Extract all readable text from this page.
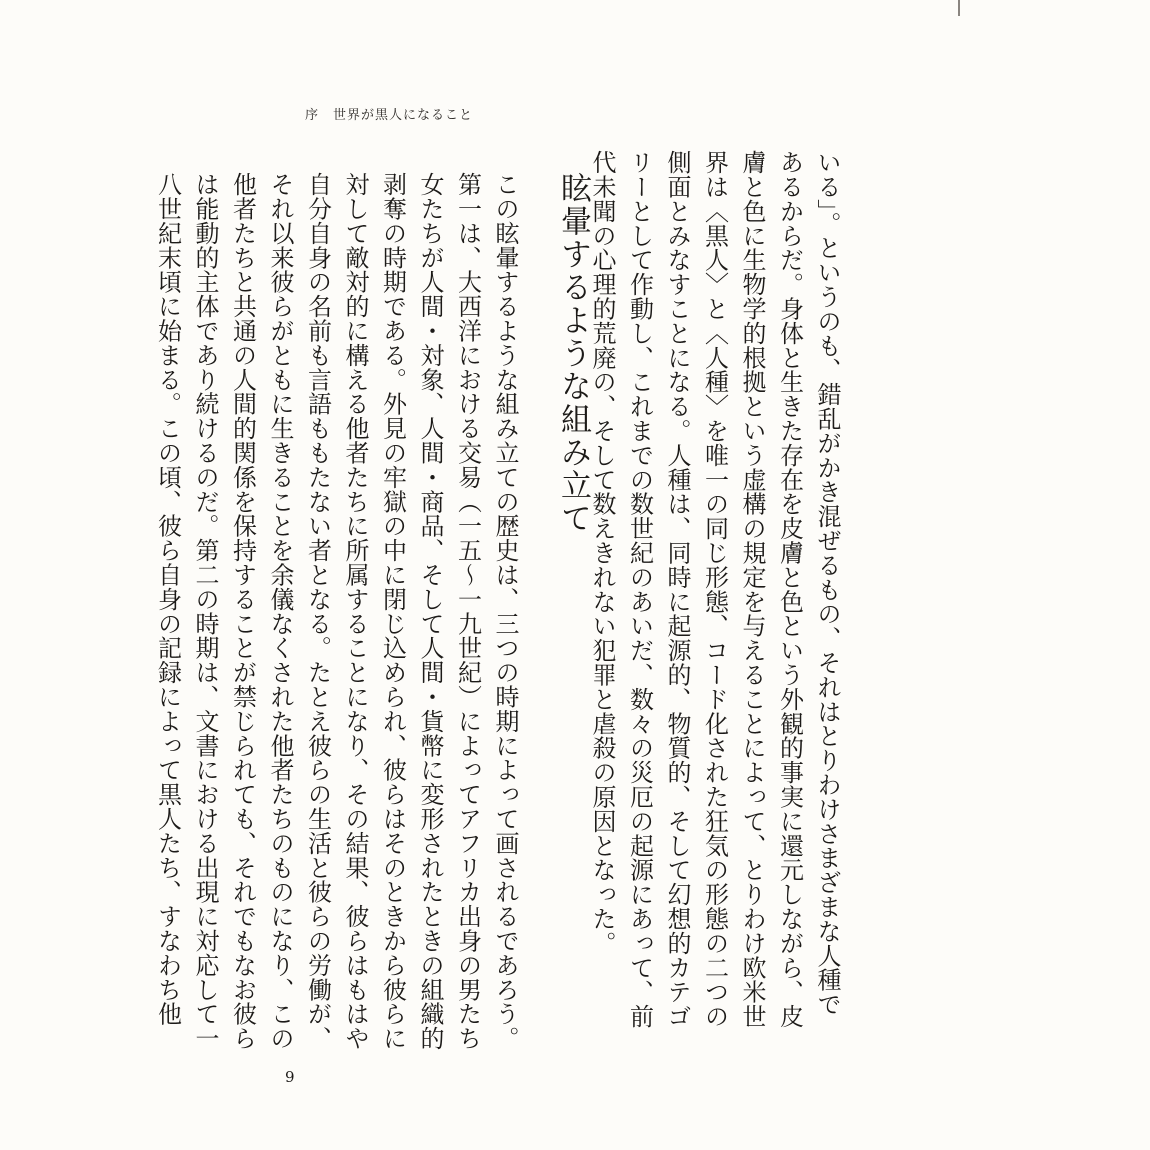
序 世界が黒人になること
いる」。というのも、錯乱がかき混ぜるもの、それはとりわけさまざまな人種であるからだ。身体と生きた存在を皮膚と色という外観的事実に還元しながら、皮膚と色に生物学的根拠という虚構の規定を与えることによって、とりわけ欧米世界は〈黒人〉と〈人種〉を唯一の同じ形態、コード化された狂気の形態の二つの側面とみなすことになる。人種は、同時に起源的、物質的、そして幻想的カテゴリーとして作動し、これまでの数世紀のあいだ、数々の災厄の起源にあって、前代未聞の心理的荒廃の、そして数えきれない犯罪と虐殺の原因となった。
眩暈するような組み立て
この眩暈するような組み立ての歴史は、三つの時期によって画されるであろう。第一は、大西洋における交易（一五〜一九世紀）によってアフリカ出身の男たち女たちが人間・対象、人間・商品、そして人間・貨幣に変形されたときの組織的剥奪の時期である。外見の牢獄の中に閉じ込められ、彼らはそのときから彼らに対して敵対的に構える他者たちに所属することになり、その結果、彼らはもはや自分自身の名前も言語ももたない者となる。たとえ彼らの生活と彼らの労働が、それ以来彼らがともに生きることを余儀なくされた他者たちのものになり、この他者たちと共通の人間的関係を保持することが禁じられても、それでもなお彼らは能動的主体であり続けるのだ。第二の時期は、文書における出現に対応して一八世紀末頃に始まる。この頃、彼ら自身の記録によって黒人たち、すなわち他
9
